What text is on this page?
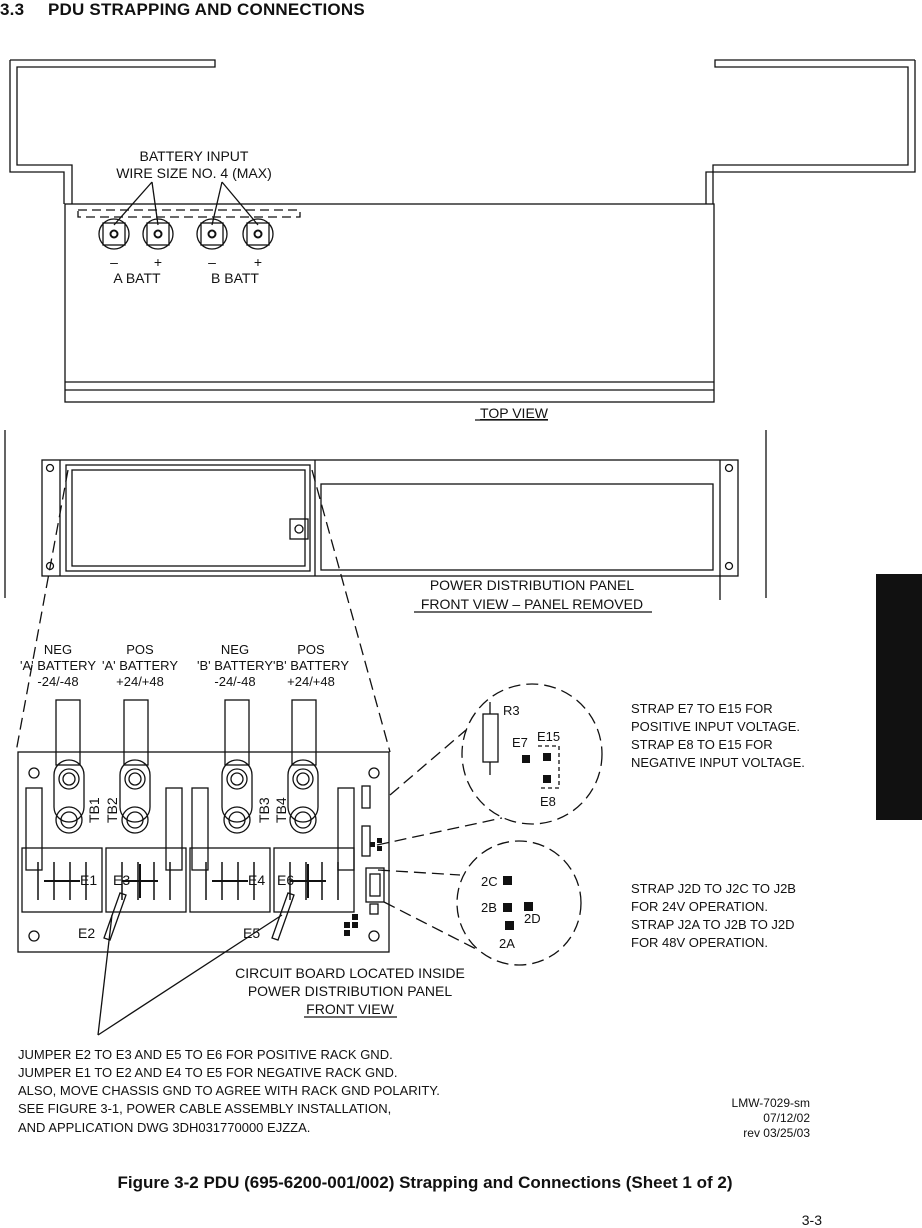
3.3 PDU STRAPPING AND CONNECTIONS
BATTERY INPUT
WIRE SIZE NO. 4 (MAX)
–	+	–	+
A BATT	B BATT
TOP VIEW
POWER DISTRIBUTION PANEL
FRONT VIEW – PANEL REMOVED
TB1 TB2	TB3 TB4
E1 E3	E4 E6
E2	E5
CIRCUIT BOARD LOCATED INSIDE
POWER DISTRIBUTION PANEL
FRONT VIEW
NEG
'A' BATTERY
-24/-48
POS
'A' BATTERY
+24/+48
NEG
'B' BATTERY
-24/-48
POS
'B' BATTERY
+24/+48
R3
E7 E15
E8
2C
2B
2D
2A
STRAP E7 TO E15 FOR
POSITIVE INPUT VOLTAGE.
STRAP E8 TO E15 FOR
NEGATIVE INPUT VOLTAGE.
STRAP J2D TO J2C TO J2B
FOR 24V OPERATION.
STRAP J2A TO J2B TO J2D
FOR 48V OPERATION.
JUMPER E2 TO E3 AND E5 TO E6 FOR POSITIVE RACK GND.
JUMPER E1 TO E2 AND E4 TO E5 FOR NEGATIVE RACK GND.
ALSO, MOVE CHASSIS GND TO AGREE WITH RACK GND POLARITY.
SEE FIGURE 3-1, POWER CABLE ASSEMBLY INSTALLATION,
AND APPLICATION DWG 3DH031770000 EJZZA.
LMW-7029-sm
07/12/02
rev 03/25/03
Figure 3-2 PDU (695-6200-001/002) Strapping and Connections (Sheet 1 of 2)
3-3
